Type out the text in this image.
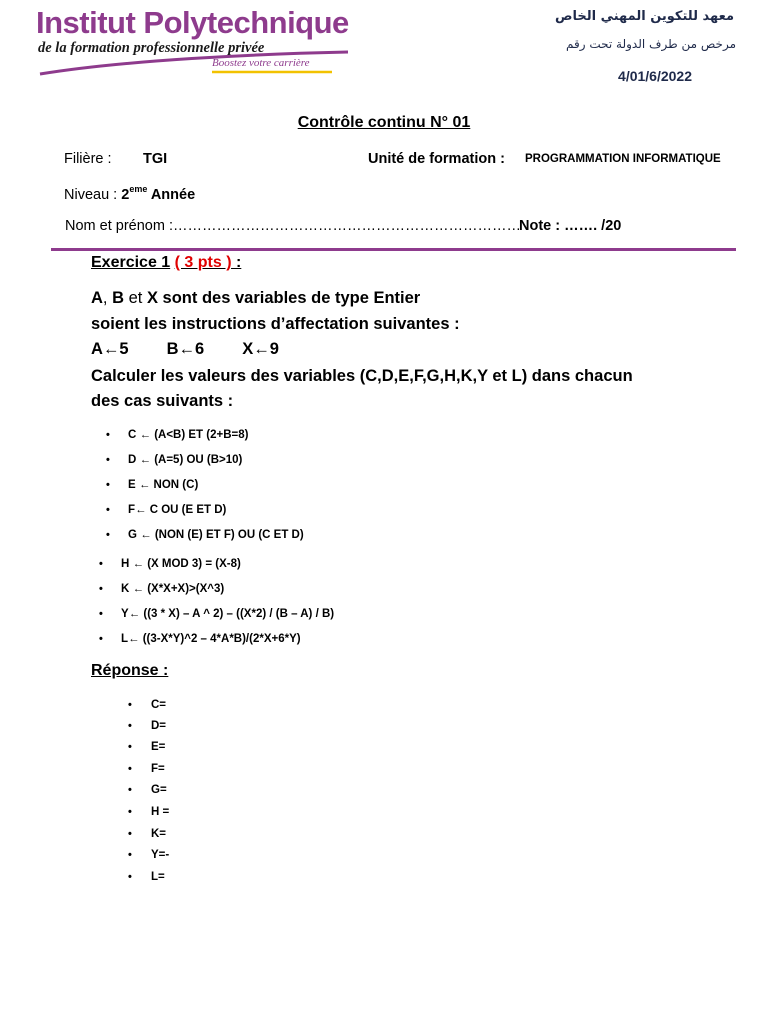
Institut Polytechnique
de la formation professionnelle privée
Boostez votre carrière
معهد للتكوين المهني الخاص
مرخص من طرف الدولة تحت رقم
4/01/6/2022
Contrôle continu N° 01
Filière : TGI	Unité de formation : PROGRAMMATION INFORMATIQUE
Niveau : 2eme Année
Nom et prénom :………………………………………………………………
Note : ……. /20
Exercice 1 ( 3 pts ) :
A, B et X sont des variables de type Entier
soient les instructions d’affectation suivantes :
A←5 B←6 X←9
Calculer les valeurs des variables (C,D,E,F,G,H,K,Y et L) dans chacun
des cas suivants :
• C ← (A<B) ET (2+B=8)
• D ← (A=5) OU (B>10)
• E ← NON (C)
• F← C OU (E ET D)
• G ← (NON (E) ET F) OU (C ET D)
• H ← (X MOD 3) = (X-8)
• K ← (X*X+X)>(X^3)
• Y← ((3 * X) – A ^ 2) – ((X*2) / (B – A) / B)
• L← ((3-X*Y)^2 – 4*A*B)/(2*X+6*Y)
Réponse :
• C=
• D=
• E=
• F=
• G=
• H =
• K=
• Y=-
• L=
